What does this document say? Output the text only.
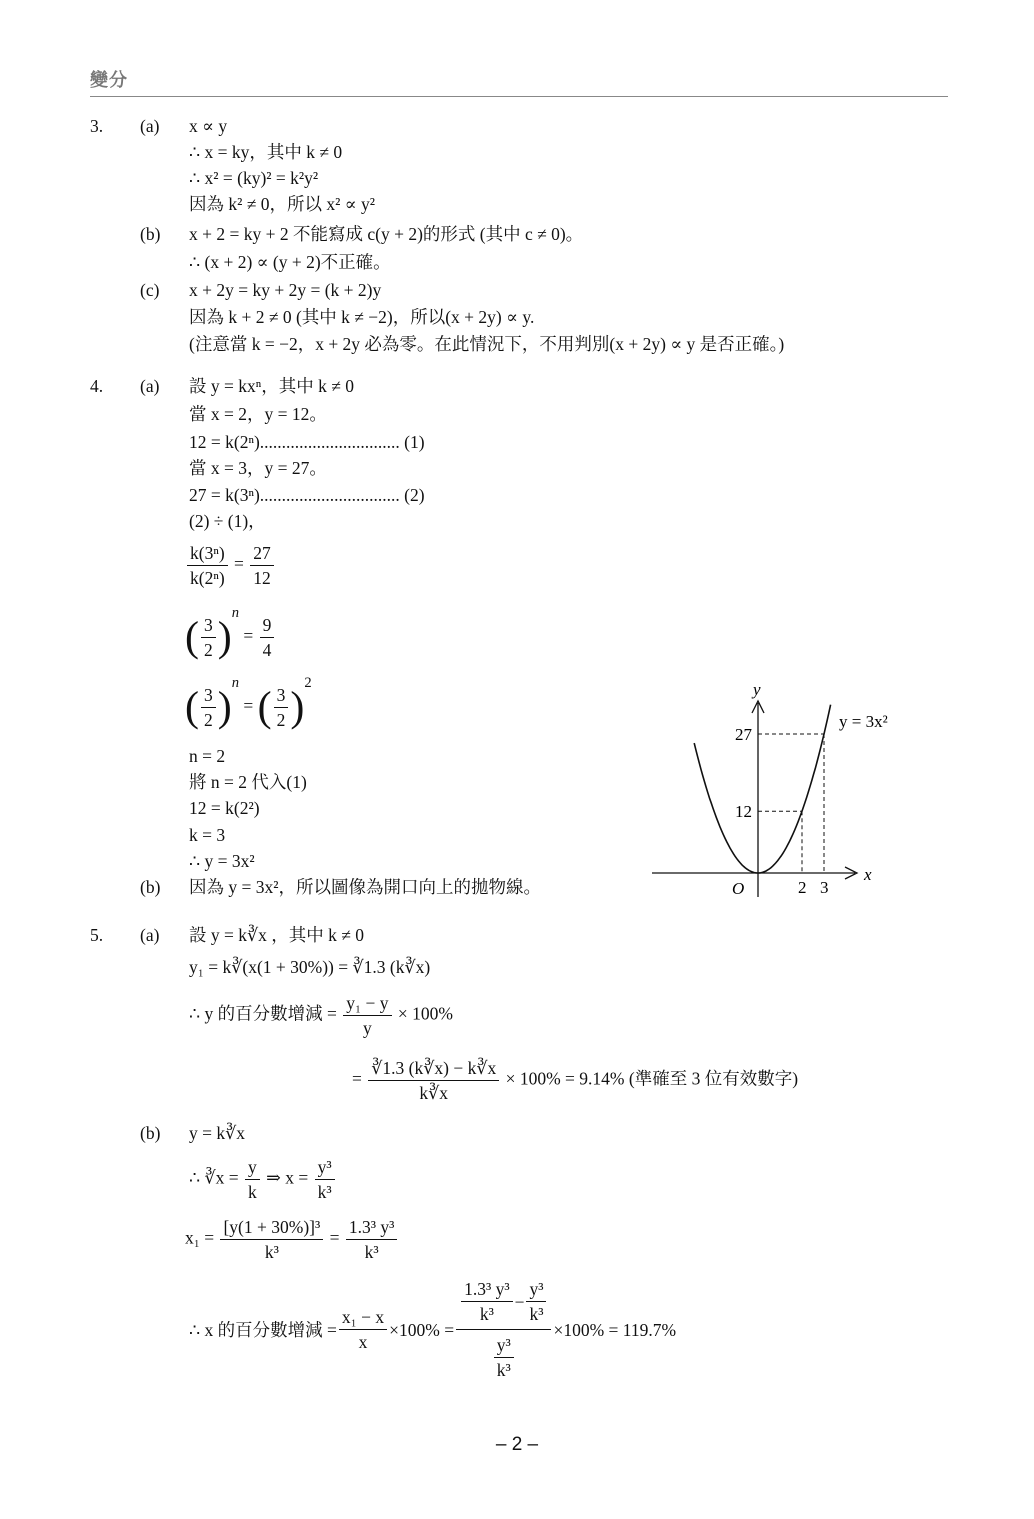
變分
3. (a) x ∝ y
∴ x = ky，其中 k ≠ 0
∴ x² = (ky)² = k²y²
因為 k² ≠ 0，所以 x² ∝ y²
(b) x + 2 = ky + 2 不能寫成 c(y + 2)的形式 (其中 c ≠ 0)。
∴ (x + 2) ∝ (y + 2)不正確。
(c) x + 2y = ky + 2y = (k + 2)y
因為 k + 2 ≠ 0 (其中 k ≠ −2)，所以(x + 2y) ∝ y.
(注意當 k = −2，x + 2y 必為零。在此情況下，不用判別(x + 2y) ∝ y 是否正確。)
4. (a) 設 y = kxⁿ，其中 k ≠ 0
當 x = 2，y = 12。
12 = k(2ⁿ)................................ (1)
當 x = 3，y = 27。
27 = k(3ⁿ)................................ (2)
(2) ÷ (1)，
$\frac{\text{k(3ⁿ)}}{\text{k(2ⁿ)}} = \frac{27}{12}$
( $\frac{3}{2} )^n = \frac{9}{4}$
( $\frac{3}{2} )^n$ = ( $\frac{3}{2} )^2$
n = 2
將 n = 2 代入(1)
12 = k(2²)
k = 3
∴ y = 3x²
(b) 因為 y = 3x²，所以圖像為開口向上的拋物線。
y
x
O
y = 3x²
27
12
2 3
5. (a) 設 y = k∛x ，其中 k ≠ 0
y₁ = k∛(x(1 + 30%)) = ∛1.3 (k∛x)
∴ y 的百分數增減 = $\frac{\text{y₁ − y}}{y} \times 100\%$
= $\frac{∛1.3 (k∛x) - k∛x}{k∛x} \times 100\% = 9.14\%$ (準確至 3 位有效數字)
(b) y = k∛x
∴ ∛x = $\frac{y}{k}$ ⇒ $x = \frac{\text{y³}}{\text{k³}}$
$x_1 = \frac{\text{[y(1 + 30\%)]³}}{\text{k³}} = \frac{\text{1.3³ y³}}{\text{k³}}$
∴ x 的百分數增減 = $\frac{\text{x₁ − x}}{x} \times 100\% = \frac{\frac{\text{1.3³ y³}}{\text{k³}} - \frac{\text{y³}}{\text{k³}}}{\frac{\text{y³}}{\text{k³}}} \times 100\% = 119.7\%$
– 2 –
